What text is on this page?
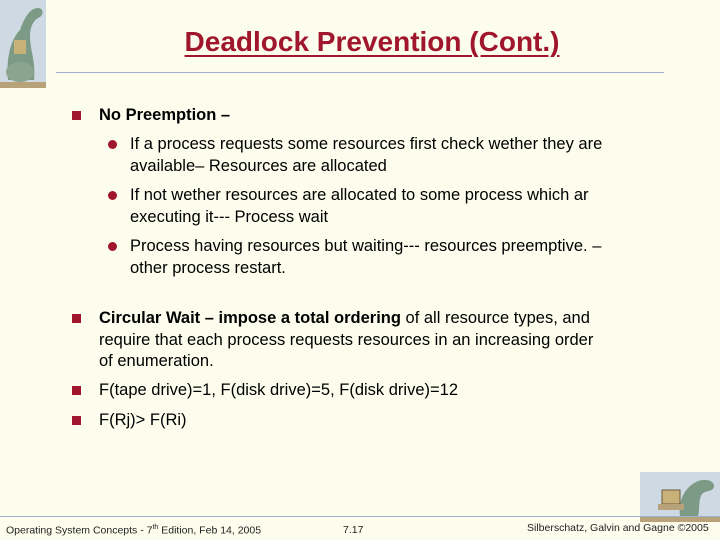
Deadlock Prevention (Cont.)
No Preemption –
If a process requests some resources first check wether they are available– Resources are allocated
If not wether resources are allocated to some process which ar executing it--- Process wait
Process having resources but waiting--- resources preemptive. – other process restart.
Circular Wait – impose a total ordering of all resource types, and require that each process requests resources in an increasing order of enumeration.
F(tape drive)=1, F(disk drive)=5, F(disk drive)=12
F(Rj)> F(Ri)
Operating System Concepts - 7th Edition, Feb 14, 2005	7.17	Silberschatz, Galvin and Gagne ©2005
